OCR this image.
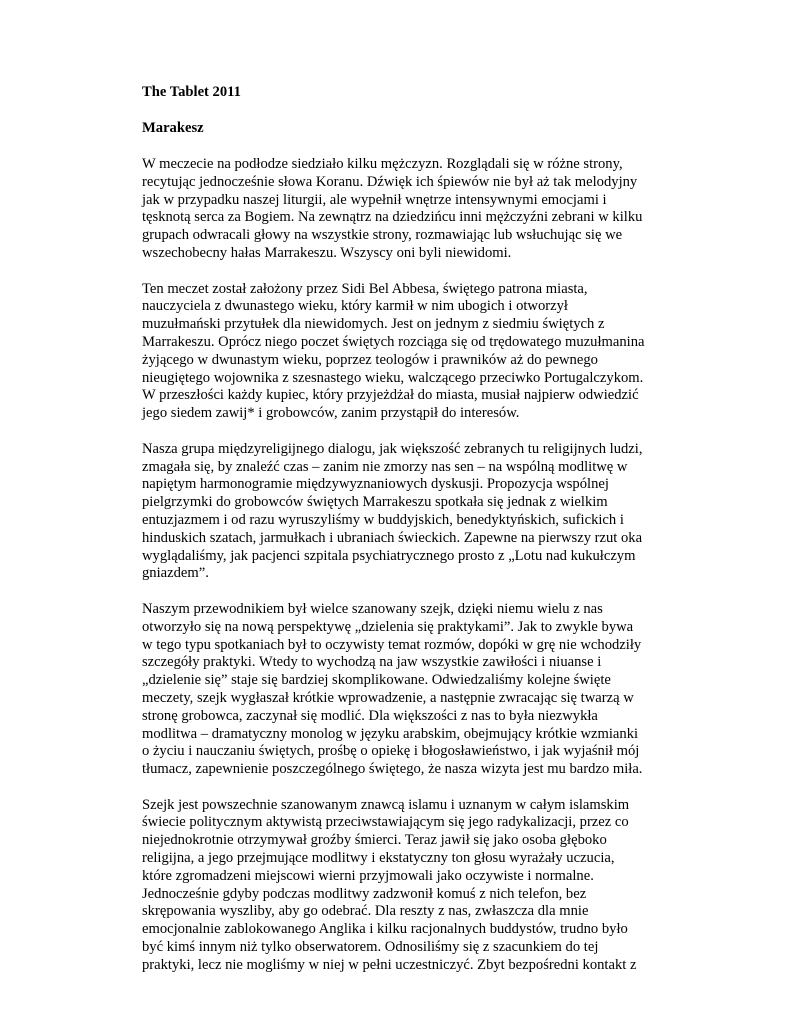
The Tablet 2011

Marakesz

W meczecie na podłodze siedziało kilku mężczyzn. Rozglądali się w różne strony,
recytując jednocześnie słowa Koranu. Dźwięk ich śpiewów nie był aż tak melodyjny
jak w przypadku naszej liturgii, ale wypełnił wnętrze intensywnymi emocjami i
tęsknotą serca za Bogiem. Na zewnątrz na dziedzińcu inni mężczyźni zebrani w kilku
grupach odwracali głowy na wszystkie strony, rozmawiając lub wsłuchując się we
wszechobecny hałas Marrakeszu. Wszyscy oni byli niewidomi.

Ten meczet został założony przez Sidi Bel Abbesa, świętego patrona miasta,
nauczyciela z dwunastego wieku, który karmił w nim ubogich i otworzył
muzułmański przytułek dla niewidomych. Jest on jednym z siedmiu świętych z
Marrakeszu. Oprócz niego poczet świętych rozciąga się od trędowatego muzułmanina
żyjącego w dwunastym wieku, poprzez teologów i prawników aż do pewnego
nieugiętego wojownika z szesnastego wieku, walczącego przeciwko Portugalczykom.
W przeszłości każdy kupiec, który przyjeżdżał do miasta, musiał najpierw odwiedzić
jego siedem zawij* i grobowców, zanim przystąpił do interesów.

Nasza grupa międzyreligijnego dialogu, jak większość zebranych tu religijnych ludzi,
zmagała się, by znaleźć czas – zanim nie zmorzy nas sen – na wspólną modlitwę w
napiętym harmonogramie międzywyznaniowych dyskusji. Propozycja wspólnej
pielgrzymki do grobowców świętych Marrakeszu spotkała się jednak z wielkim
entuzjazmem i od razu wyruszyliśmy w buddyjskich, benedyktyńskich, sufickich i
hinduskich szatach, jarmułkach i ubraniach świeckich. Zapewne na pierwszy rzut oka
wyglądaliśmy, jak pacjenci szpitala psychiatrycznego prosto z „Lotu nad kukułczym
gniazdem”.

Naszym przewodnikiem był wielce szanowany szejk, dzięki niemu wielu z nas
otworzyło się na nową perspektywę „dzielenia się praktykami”. Jak to zwykle bywa
w tego typu spotkaniach był to oczywisty temat rozmów, dopóki w grę nie wchodziły
szczegóły praktyki. Wtedy to wychodzą na jaw wszystkie zawiłości i niuanse i
„dzielenie się” staje się bardziej skomplikowane. Odwiedzaliśmy kolejne święte
meczety, szejk wygłaszał krótkie wprowadzenie, a następnie zwracając się twarzą w
stronę grobowca, zaczynał się modlić. Dla większości z nas to była niezwykła
modlitwa – dramatyczny monolog w języku arabskim, obejmujący krótkie wzmianki
o życiu i nauczaniu świętych, prośbę o opiekę i błogosławieństwo, i jak wyjaśnił mój
tłumacz, zapewnienie poszczególnego świętego, że nasza wizyta jest mu bardzo miła.

Szejk jest powszechnie szanowanym znawcą islamu i uznanym w całym islamskim
świecie politycznym aktywistą przeciwstawiającym się jego radykalizacji, przez co
niejednokrotnie otrzymywał groźby śmierci. Teraz jawił się jako osoba głęboko
religijna, a jego przejmujące modlitwy i ekstatyczny ton głosu wyrażały uczucia,
które zgromadzeni miejscowi wierni przyjmowali jako oczywiste i normalne.
Jednocześnie gdyby podczas modlitwy zadzwonił komuś z nich telefon, bez
skrępowania wyszliby, aby go odebrać. Dla reszty z nas, zwłaszcza dla mnie
emocjonalnie zablokowanego Anglika i kilku racjonalnych buddystów, trudno było
być kimś innym niż tylko obserwatorem. Odnosiliśmy się z szacunkiem do tej
praktyki, lecz nie mogliśmy w niej w pełni uczestniczyć. Zbyt bezpośredni kontakt z
